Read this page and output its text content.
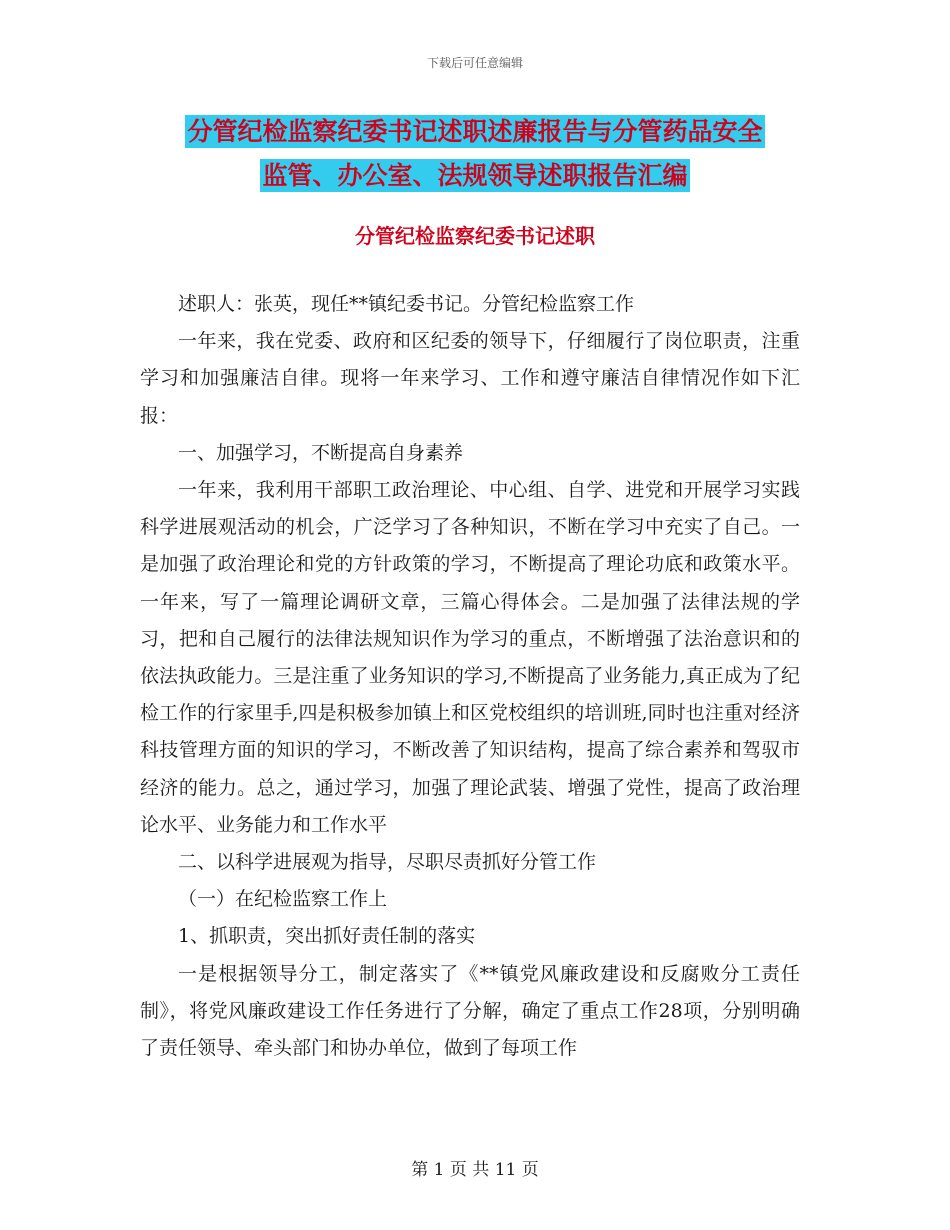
下载后可任意编辑
分管纪检监察纪委书记述职述廉报告与分管药品安全
监管、办公室、法规领导述职报告汇编
分管纪检监察纪委书记述职

述职人：张英，现任**镇纪委书记。分管纪检监察工作

一年来，我在党委、政府和区纪委的领导下，仔细履行了岗位职责，注重学习和加强廉洁自律。现将一年来学习、工作和遵守廉洁自律情况作如下汇报：

一、加强学习，不断提高自身素养

一年来，我利用干部职工政治理论、中心组、自学、进党和开展学习实践科学进展观活动的机会，广泛学习了各种知识，不断在学习中充实了自己。一是加强了政治理论和党的方针政策的学习，不断提高了理论功底和政策水平。一年来，写了一篇理论调研文章，三篇心得体会。二是加强了法律法规的学习，把和自己履行的法律法规知识作为学习的重点，不断增强了法治意识和的依法执政能力。三是注重了业务知识的学习,不断提高了业务能力,真正成为了纪检工作的行家里手,四是积极参加镇上和区党校组织的培训班,同时也注重对经济科技管理方面的知识的学习，不断改善了知识结构，提高了综合素养和驾驭市经济的能力。总之，通过学习，加强了理论武装、增强了党性，提高了政治理论水平、业务能力和工作水平

二、以科学进展观为指导，尽职尽责抓好分管工作

（一）在纪检监察工作上

1、抓职责，突出抓好责任制的落实

一是根据领导分工，制定落实了《**镇党风廉政建设和反腐败分工责任制》，将党风廉政建设工作任务进行了分解，确定了重点工作28项，分别明确了责任领导、牵头部门和协办单位，做到了每项工作

第 1 页 共 11 页
